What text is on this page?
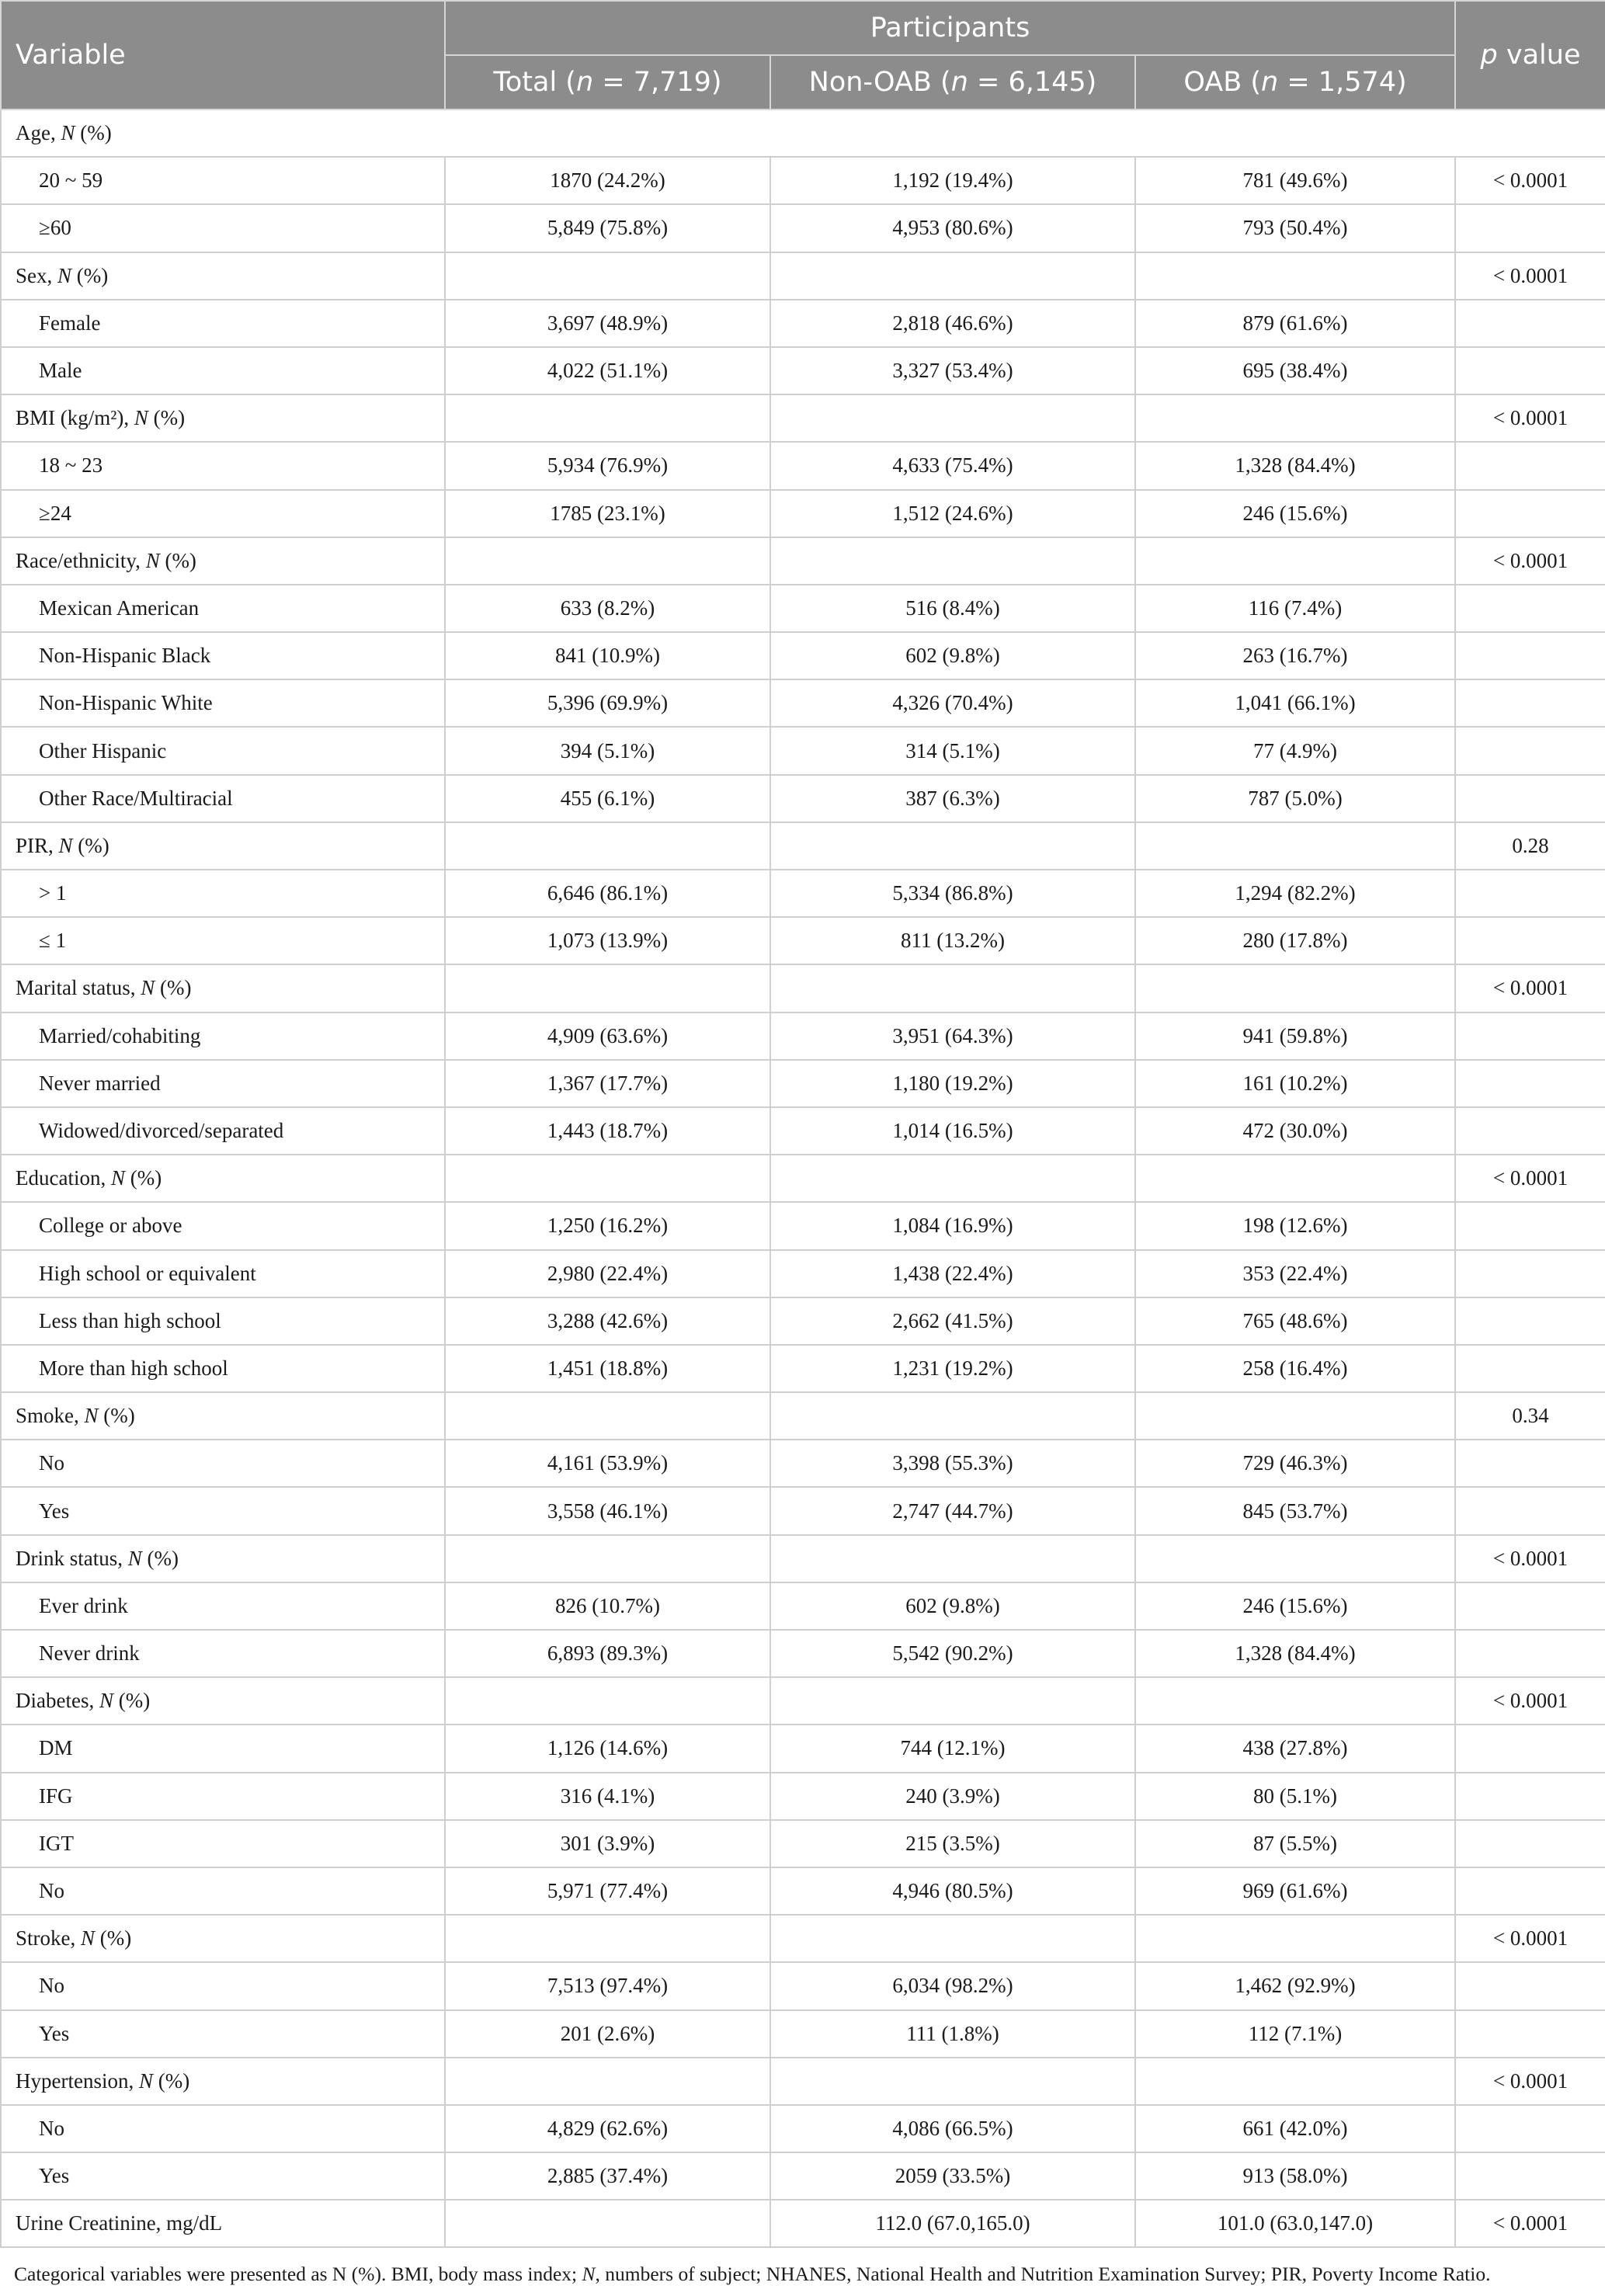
Variable	Participants			p value
	Total (n = 7,719)	Non-OAB (n = 6,145)	OAB (n = 1,574)	
Age, N (%)				
20 ~ 59	1870 (24.2%)	1,192 (19.4%)	781 (49.6%)	< 0.0001
≥60	5,849 (75.8%)	4,953 (80.6%)	793 (50.4%)	
Sex, N (%)				< 0.0001
Female	3,697 (48.9%)	2,818 (46.6%)	879 (61.6%)	
Male	4,022 (51.1%)	3,327 (53.4%)	695 (38.4%)	
BMI (kg/m²), N (%)				< 0.0001
18 ~ 23	5,934 (76.9%)	4,633 (75.4%)	1,328 (84.4%)	
≥24	1785 (23.1%)	1,512 (24.6%)	246 (15.6%)	
Race/ethnicity, N (%)				< 0.0001
Mexican American	633 (8.2%)	516 (8.4%)	116 (7.4%)	
Non-Hispanic Black	841 (10.9%)	602 (9.8%)	263 (16.7%)	
Non-Hispanic White	5,396 (69.9%)	4,326 (70.4%)	1,041 (66.1%)	
Other Hispanic	394 (5.1%)	314 (5.1%)	77 (4.9%)	
Other Race/Multiracial	455 (6.1%)	387 (6.3%)	787 (5.0%)	
PIR, N (%)				0.28
> 1	6,646 (86.1%)	5,334 (86.8%)	1,294 (82.2%)	
≤ 1	1,073 (13.9%)	811 (13.2%)	280 (17.8%)	
Marital status, N (%)				< 0.0001
Married/cohabiting	4,909 (63.6%)	3,951 (64.3%)	941 (59.8%)	
Never married	1,367 (17.7%)	1,180 (19.2%)	161 (10.2%)	
Widowed/divorced/separated	1,443 (18.7%)	1,014 (16.5%)	472 (30.0%)	
Education, N (%)				< 0.0001
College or above	1,250 (16.2%)	1,084 (16.9%)	198 (12.6%)	
High school or equivalent	2,980 (22.4%)	1,438 (22.4%)	353 (22.4%)	
Less than high school	3,288 (42.6%)	2,662 (41.5%)	765 (48.6%)	
More than high school	1,451 (18.8%)	1,231 (19.2%)	258 (16.4%)	
Smoke, N (%)				0.34
No	4,161 (53.9%)	3,398 (55.3%)	729 (46.3%)	
Yes	3,558 (46.1%)	2,747 (44.7%)	845 (53.7%)	
Drink status, N (%)				< 0.0001
Ever drink	826 (10.7%)	602 (9.8%)	246 (15.6%)	
Never drink	6,893 (89.3%)	5,542 (90.2%)	1,328 (84.4%)	
Diabetes, N (%)				< 0.0001
DM	1,126 (14.6%)	744 (12.1%)	438 (27.8%)	
IFG	316 (4.1%)	240 (3.9%)	80 (5.1%)	
IGT	301 (3.9%)	215 (3.5%)	87 (5.5%)	
No	5,971 (77.4%)	4,946 (80.5%)	969 (61.6%)	
Stroke, N (%)				< 0.0001
No	7,513 (97.4%)	6,034 (98.2%)	1,462 (92.9%)	
Yes	201 (2.6%)	111 (1.8%)	112 (7.1%)	
Hypertension, N (%)				< 0.0001
No	4,829 (62.6%)	4,086 (66.5%)	661 (42.0%)	
Yes	2,885 (37.4%)	2059 (33.5%)	913 (58.0%)	
Urine Creatinine, mg/dL		112.0 (67.0,165.0)	101.0 (63.0,147.0)	< 0.0001
Categorical variables were presented as N (%). BMI, body mass index; N, numbers of subject; NHANES, National Health and Nutrition Examination Survey; PIR, Poverty Income Ratio.
